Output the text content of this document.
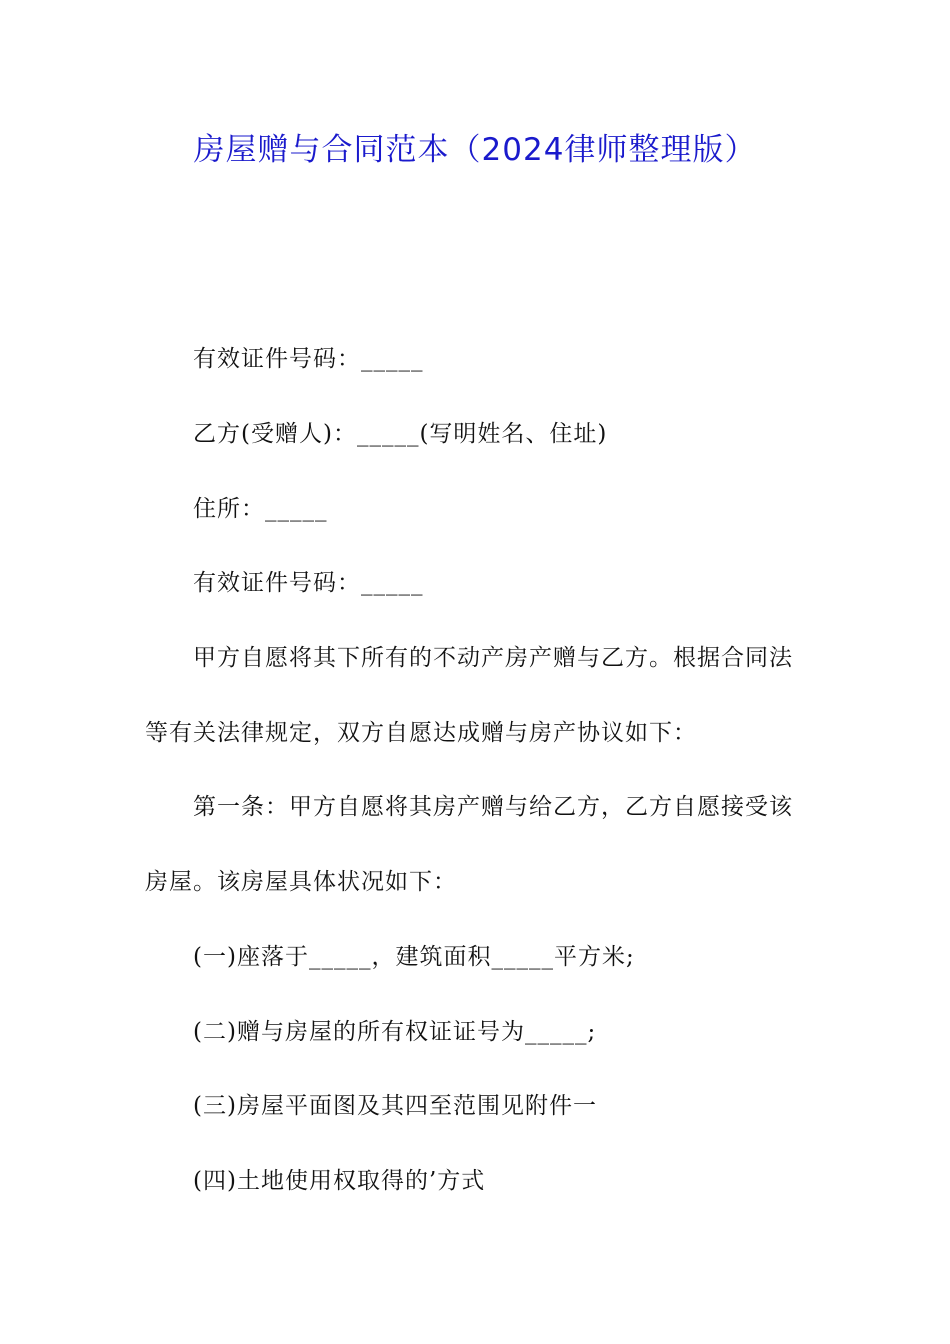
房屋赠与合同范本（2024律师整理版）
有效证件号码：_____
乙方(受赠人)：_____(写明姓名、住址)
住所：_____
有效证件号码：_____
甲方自愿将其下所有的不动产房产赠与乙方。根据合同法
等有关法律规定，双方自愿达成赠与房产协议如下：
第一条：甲方自愿将其房产赠与给乙方，乙方自愿接受该
房屋。该房屋具体状况如下：
(一)座落于_____，建筑面积_____平方米;
(二)赠与房屋的所有权证证号为_____;
(三)房屋平面图及其四至范围见附件一
(四)土地使用权取得的’方式
